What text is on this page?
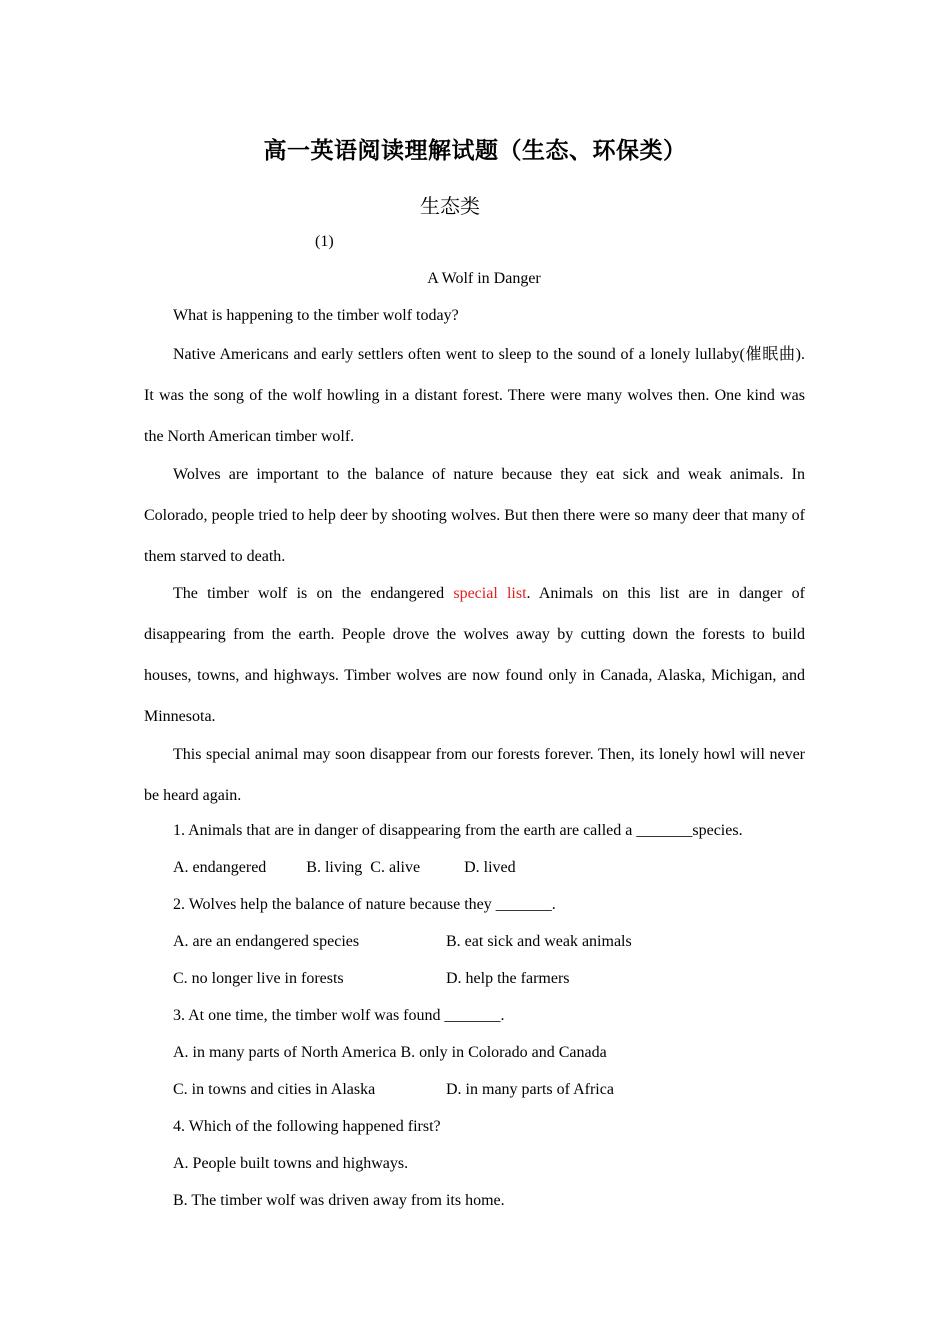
高一英语阅读理解试题（生态、环保类）
生态类
(1)
A Wolf in Danger
What is happening to the timber wolf today?
Native Americans and early settlers often went to sleep to the sound of a lonely lullaby(催眠曲). It was the song of the wolf howling in a distant forest. There were many wolves then. One kind was the North American timber wolf.
Wolves are important to the balance of nature because they eat sick and weak animals. In Colorado, people tried to help deer by shooting wolves. But then there were so many deer that many of them starved to death.
The timber wolf is on the endangered special list. Animals on this list are in danger of disappearing from the earth. People drove the wolves away by cutting down the forests to build houses, towns, and highways. Timber wolves are now found only in Canada, Alaska, Michigan, and Minnesota.
This special animal may soon disappear from our forests forever. Then, its lonely howl will never be heard again.
1. Animals that are in danger of disappearing from the earth are called a _______species.
A. endangered          B. living  C. alive           D. lived
2. Wolves help the balance of nature because they _______.
A. are an endangered species	B. eat sick and weak animals
C. no longer live in forests	D. help the farmers
3. At one time, the timber wolf was found _______.
A. in many parts of North America B. only in Colorado and Canada
C. in towns and cities in Alaska	D. in many parts of Africa
4. Which of the following happened first?
A. People built towns and highways.
B. The timber wolf was driven away from its home.
